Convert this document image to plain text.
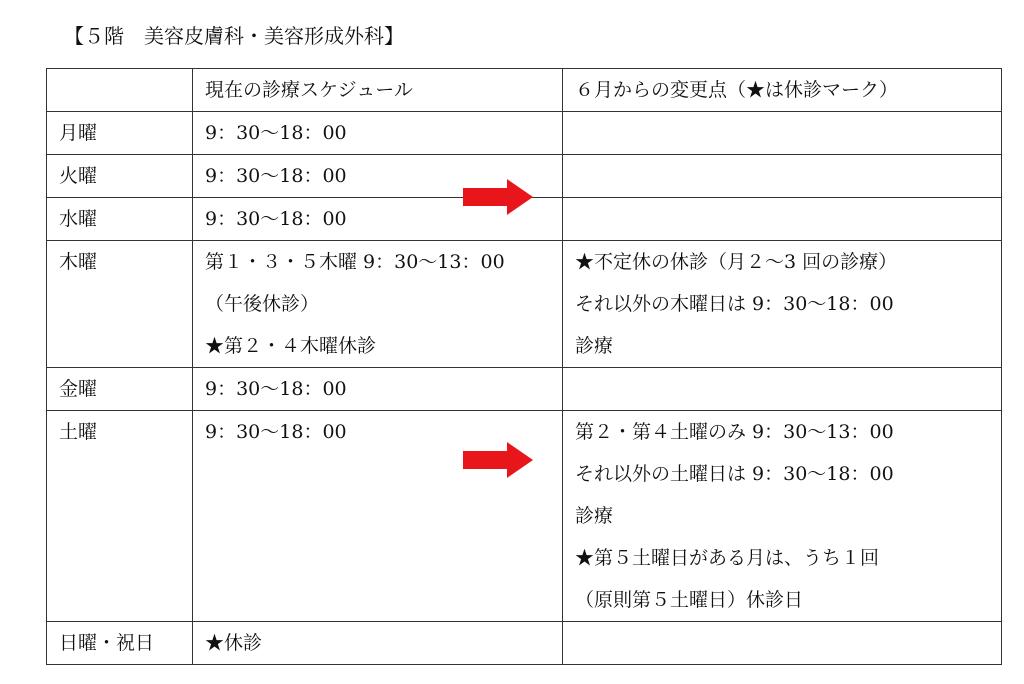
【５階　美容皮膚科・美容形成外科】
	現在の診療スケジュール	６月からの変更点（★は休診マーク）
月曜	9：30〜18：00	

火曜	9：30〜18：00	

水曜	9：30〜18：00	

木曜	第１・３・５木曜 9：30〜13：00
（午後休診）
★第２・４木曜休診	★不定休の休診（月２〜3 回の診療）
それ以外の木曜日は 9：30〜18：00
診療

金曜	9：30〜18：00	

土曜	9：30〜18：00	第２・第４土曜のみ 9：30〜13：00
それ以外の土曜日は 9：30〜18：00
診療
★第５土曜日がある月は、うち１回
（原則第５土曜日）休診日

日曜・祝日	★休診	
